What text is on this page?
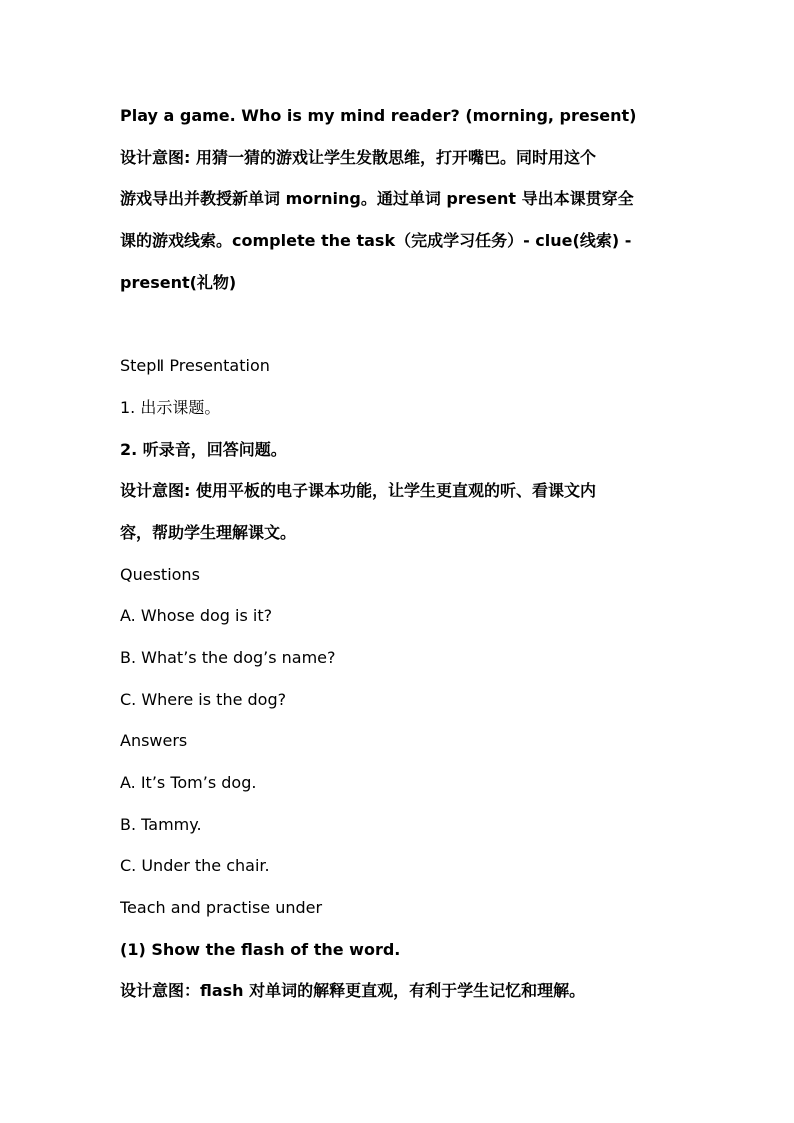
Play a game. Who is my mind reader? (morning, present)
设计意图: 用猜一猜的游戏让学生发散思维，打开嘴巴。同时用这个
游戏导出并教授新单词 morning。通过单词 present 导出本课贯穿全
课的游戏线索。complete the task（完成学习任务）- clue(线索) -
present(礼物)
StepⅡ Presentation
1. 出示课题。
2. 听录音，回答问题。
设计意图: 使用平板的电子课本功能，让学生更直观的听、看课文内
容，帮助学生理解课文。
Questions
A. Whose dog is it?
B. What’s the dog’s name?
C. Where is the dog?
Answers
A. It’s Tom’s dog.
B. Tammy.
C. Under the chair.
Teach and practise under
(1) Show the flash of the word.
设计意图：flash 对单词的解释更直观，有利于学生记忆和理解。
